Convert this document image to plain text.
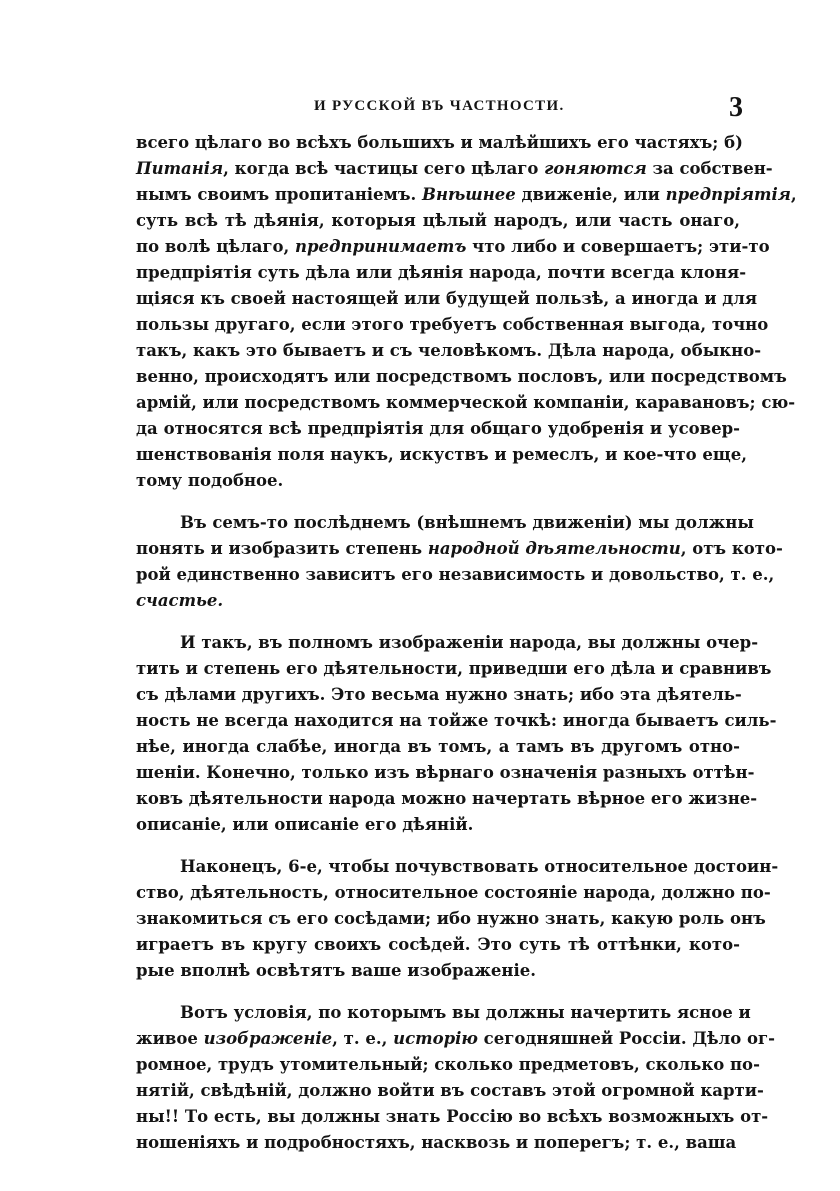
И РУССКОЙ ВЪ ЧАСТНОСТИ.	3
всего цѣлаго во всѣхъ большихъ и малѣйшихъ его частяхъ; б)
Питанія, когда всѣ частицы сего цѣлаго гоняются за собствен-
нымъ своимъ пропитаніемъ. Внѣшнее движеніе, или предпріятія,
суть всѣ тѣ дѣянія, которыя цѣлый народъ, или часть онаго,
по волѣ цѣлаго, предпринимаетъ что либо и совершаетъ; эти-то
предпріятія суть дѣла или дѣянія народа, почти всегда клоня-
щіяся къ своей настоящей или будущей пользѣ, а иногда и для
пользы другаго, если этого требуетъ собственная выгода, точно
такъ, какъ это бываетъ и съ человѣкомъ. Дѣла народа, обыкно-
венно, происходятъ или посредствомъ пословъ, или посредствомъ
армій, или посредствомъ коммерческой компаніи, каравановъ; сю-
да относятся всѣ предпріятія для общаго удобренія и усовер-
шенствованія поля наукъ, искуствъ и ремеслъ, и кое-что еще,
тому подобное.
Въ семъ-то послѣднемъ (внѣшнемъ движеніи) мы должны
понять и изобразить степень народной дѣятельности, отъ кото-
рой единственно зависитъ его независимость и довольство, т. е.,
счастье.
И такъ, въ полномъ изображеніи народа, вы должны очер-
тить и степень его дѣятельности, приведши его дѣла и сравнивъ
съ дѣлами другихъ. Это весьма нужно знать; ибо эта дѣятель-
ность не всегда находится на тойже точкѣ: иногда бываетъ силь-
нѣе, иногда слабѣе, иногда въ томъ, а тамъ въ другомъ отно-
шеніи. Конечно, только изъ вѣрнаго означенія разныхъ оттѣн-
ковъ дѣятельности народа можно начертать вѣрное его жизне-
описаніе, или описаніе его дѣяній.
Наконецъ, 6-е, чтобы почувствовать относительное достоин-
ство, дѣятельность, относительное состояніе народа, должно по-
знакомиться съ его сосѣдами; ибо нужно знать, какую роль онъ
играетъ въ кругу своихъ сосѣдей. Это суть тѣ оттѣнки, кото-
рые вполнѣ освѣтятъ ваше изображеніе.
Вотъ условія, по которымъ вы должны начертить ясное и
живое изображеніе, т. е., исторію сегодняшней Россіи. Дѣло ог-
ромное, трудъ утомительный; сколько предметовъ, сколько по-
нятій, свѣдѣній, должно войти въ составъ этой огромной карти-
ны!! То есть, вы должны знать Россію во всѣхъ возможныхъ от-
ношеніяхъ и подробностяхъ, насквозь и поперегъ; т. е., ваша
